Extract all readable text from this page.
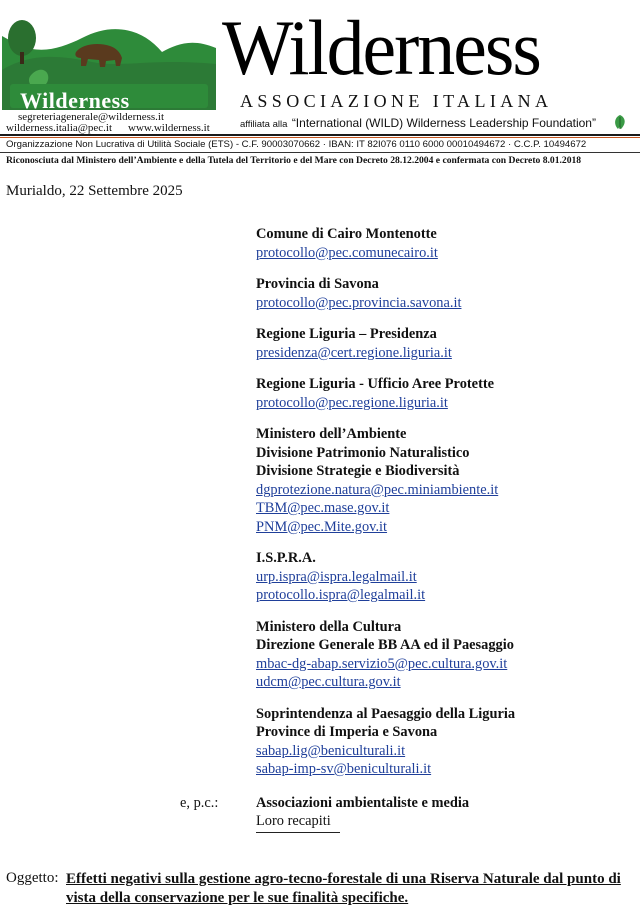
Wilderness
segreteriagenerale@wilderness.it
wilderness.italia@pec.it www.wilderness.it
Wilderness
ASSOCIAZIONE ITALIANA
affiliata alla “International (WILD) Wilderness Leadership Foundation”
Organizzazione Non Lucrativa di Utilità Sociale (ETS) - C.F. 90003070662 · IBAN: IT 82I076 0110 6000 00010494672 · C.C.P. 10494672
Riconosciuta dal Ministero dell’Ambiente e della Tutela del Territorio e del Mare con Decreto 28.12.2004 e confermata con Decreto 8.01.2018
Murialdo, 22 Settembre 2025
Comune di Cairo Montenotte
protocollo@pec.comunecairo.it
Provincia di Savona
protocollo@pec.provincia.savona.it
Regione Liguria – Presidenza
presidenza@cert.regione.liguria.it
Regione Liguria - Ufficio Aree Protette
protocollo@pec.regione.liguria.it
Ministero dell’Ambiente
Divisione Patrimonio Naturalistico
Divisione Strategie e Biodiversità
dgprotezione.natura@pec.miniambiente.it
TBM@pec.mase.gov.it
PNM@pec.Mite.gov.it
I.S.P.R.A.
urp.ispra@ispra.legalmail.it
protocollo.ispra@legalmail.it
Ministero della Cultura
Direzione Generale BB AA ed il Paesaggio
mbac-dg-abap.servizio5@pec.cultura.gov.it
udcm@pec.cultura.gov.it
Soprintendenza al Paesaggio della Liguria
Province di Imperia e Savona
sabap.lig@beniculturali.it
sabap-imp-sv@beniculturali.it
e, p.c.:	Associazioni ambientaliste e media
Loro recapiti
Oggetto: Effetti negativi sulla gestione agro-tecno-forestale di una Riserva Naturale dal punto di vista della conservazione per le sue finalità specifiche.
